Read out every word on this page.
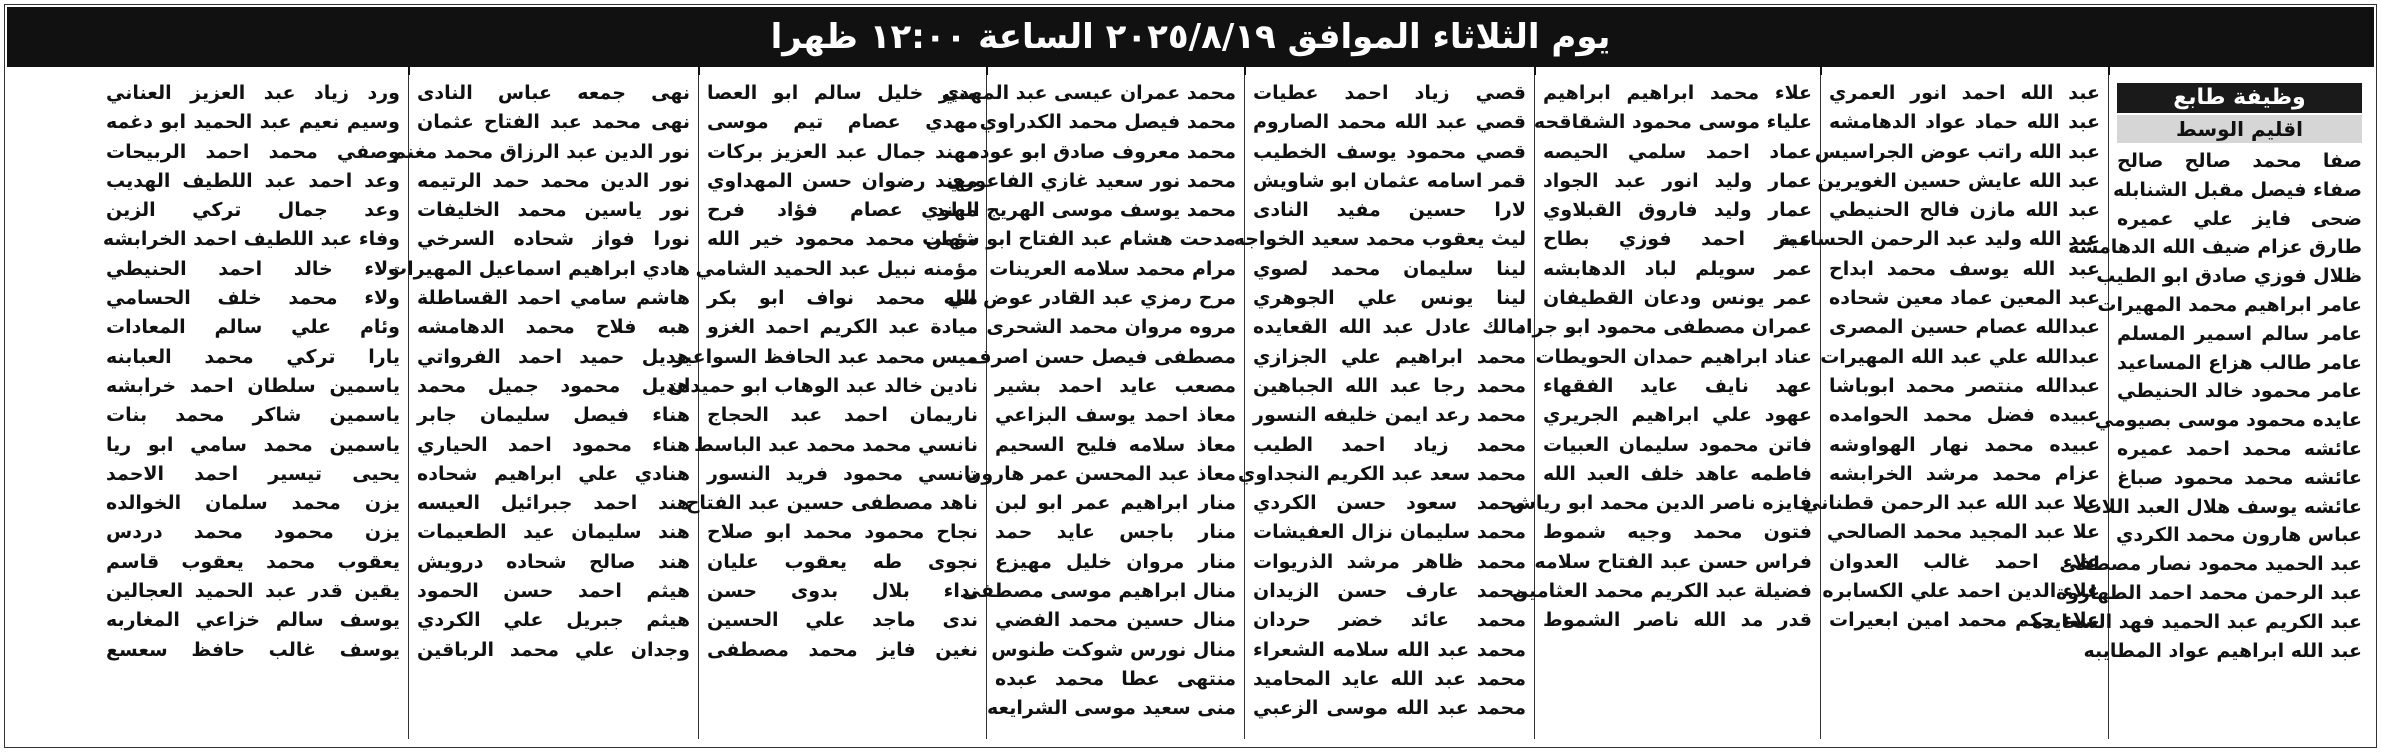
يوم الثلاثاء الموافق ٢٠٢٥/٨/١٩ الساعة ١٢:٠٠ ظهرا
وظيفة طابع
اقليم الوسط
صفا محمد صالح صالح
صفاء فيصل مقبل الشنابله
ضحى فايز علي عميره
طارق عزام ضيف الله الدهامشه
ظلال فوزي صادق ابو الطيب
عامر ابراهيم محمد المهيرات
عامر سالم اسمير المسلم
عامر طالب هزاع المساعيد
عامر محمود خالد الحنيطي
عايده محمود موسى بصيومي
عائشه محمد احمد عميره
عائشه محمد محمود صباغ
عائشه يوسف هلال العبد اللات
عباس هارون محمد الكردي
عبد الحميد محمود نصار مصطفى
عبد الرحمن محمد احمد الطهاروة
عبد الكريم عبد الحميد فهد السعايده
عبد الله ابراهيم عواد المطايبه
عبد الله احمد انور العمري
عبد الله حماد عواد الدهامشه
عبد الله راتب عوض الجراسيس
عبد الله عايش حسين الغويرين
عبد الله مازن فالح الحنيطي
عبد الله وليد عبد الرحمن الحسامية
عبد الله يوسف محمد ابداح
عبد المعين عماد معين شحاده
عبدالله عصام حسين المصرى
عبدالله علي عبد الله المهيرات
عبدالله منتصر محمد ابوباشا
عبيده فضل محمد الحوامده
عبيده محمد نهار الهواوشه
عزام محمد مرشد الخرابشه
علا عبد الله عبد الرحمن قطناني
علا عبد المجيد محمد الصالحي
علاء احمد غالب العدوان
علاء الدين احمد علي الكسابره
علاء حكم محمد امين ابعيرات
علاء محمد ابراهيم ابراهيم
علياء موسى محمود الشقاقحه
عماد احمد سلمي الحيصه
عمار وليد انور عبد الجواد
عمار وليد فاروق القبلاوي
عمر احمد فوزي بطاح
عمر سويلم لباد الدهابشه
عمر يونس ودعان القطيفان
عمران مصطفى محمود ابو جراد
عناد ابراهيم حمدان الحويطات
عهد نايف عايد الفقهاء
عهود علي ابراهيم الجريري
فاتن محمود سليمان العبيات
فاطمه عاهد خلف العبد الله
فايزه ناصر الدين محمد ابو رياش
فتون محمد وجيه شموط
فراس حسن عبد الفتاح سلامه
فضيلة عبد الكريم محمد العثامين
قدر مد الله ناصر الشموط
قصي زياد احمد عطيات
قصي عبد الله محمد الصاروم
قصي محمود يوسف الخطيب
قمر اسامه عثمان ابو شاويش
لارا حسين مفيد النادى
ليث يعقوب محمد سعيد الخواجه
لينا سليمان محمد لصوي
لينا يونس علي الجوهري
مالك عادل عبد الله القعايده
محمد ابراهيم علي الجزازي
محمد رجا عبد الله الجباهين
محمد رعد ايمن خليفه النسور
محمد زياد احمد الطيب
محمد سعد عبد الكريم النجداوي
محمد سعود حسن الكردي
محمد سليمان نزال العفيشات
محمد ظاهر مرشد الذريوات
محمد عارف حسن الزيدان
محمد عائد خضر حردان
محمد عبد الله سلامه الشعراء
محمد عبد الله عايد المحاميد
محمد عبد الله موسى الزعبي
محمد عمران عيسى عبد المهدي
محمد فيصل محمد الكدراوي
محمد معروف صادق ابو عوده
محمد نور سعيد غازي الفاعوري
محمد يوسف موسى الهريج البلوي
مدحت هشام عبد الفتاح ابو شهاب
مرام محمد سلامه العرينات
مرح رمزي عبد القادر عوض الله
مروه مروان محمد الشحرى
مصطفى فيصل حسن اصرف
مصعب عايد احمد بشير
معاذ احمد يوسف البزاعي
معاذ سلامه فليح السحيم
معاذ عبد المحسن عمر هارون
منار ابراهيم عمر ابو لبن
منار باجس عايد حمد
منار مروان خليل مهيزع
منال ابراهيم موسى مصطفى
منال حسين محمد الفضي
منال نورس شوكت طنوس
منتهى عطا محمد عبده
منى سعيد موسى الشرايعه
منير خليل سالم ابو العصا
مهدي عصام تيم موسى
مهند جمال عبد العزيز بركات
مهند رضوان حسن المهداوي
مهند عصام فؤاد فرح
مؤمن محمد محمود خير الله
مؤمنه نبيل عبد الحميد الشامي
مي محمد نواف ابو بكر
ميادة عبد الكريم احمد الغزو
ميس محمد عبد الحافظ السواعير
نادين خالد عبد الوهاب ابو حميدان
ناريمان احمد عبد الحجاج
نانسي محمد محمد عبد الباسط
نانسي محمود فريد النسور
ناهد مصطفى حسين عبد الفتاح
نجاح محمود محمد ابو صلاح
نجوى طه يعقوب عليان
نداء بلال بدوى حسن
ندى ماجد علي الحسين
نغين فايز محمد مصطفى
نهى جمعه عباس النادى
نهى محمد عبد الفتاح عثمان
نور الدين عبد الرزاق محمد مغنم
نور الدين محمد حمد الرتيمه
نور ياسين محمد الخليفات
نورا فواز شحاده السرخي
هادي ابراهيم اسماعيل المهيرات
هاشم سامي احمد القساطلة
هبه فلاح محمد الدهامشه
هديل حميد احمد الفرواتي
هديل محمود جميل محمد
هناء فيصل سليمان جابر
هناء محمود احمد الحياري
هنادي علي ابراهيم شحاده
هند احمد جبرائيل العيسه
هند سليمان عيد الطعيمات
هند صالح شحاده درويش
هيثم احمد حسن الحمود
هيثم جبريل علي الكردي
وجدان علي محمد الرباقين
ورد زياد عبد العزيز العناني
وسيم نعيم عبد الحميد ابو دغمه
وصفي محمد احمد الربيحات
وعد احمد عبد اللطيف الهديب
وعد جمال تركي الزين
وفاء عبد اللطيف احمد الخرابشه
ولاء خالد احمد الحنيطي
ولاء محمد خلف الحسامي
وئام علي سالم المعادات
يارا تركي محمد العبابنه
ياسمين سلطان احمد خرابشه
ياسمين شاكر محمد بنات
ياسمين محمد سامي ابو ريا
يحيى تيسير احمد الاحمد
يزن محمد سلمان الخوالده
يزن محمود محمد دردس
يعقوب محمد يعقوب قاسم
يقين قدر عبد الحميد العجالين
يوسف سالم خزاعي المغاربه
يوسف غالب حافظ سعسع
